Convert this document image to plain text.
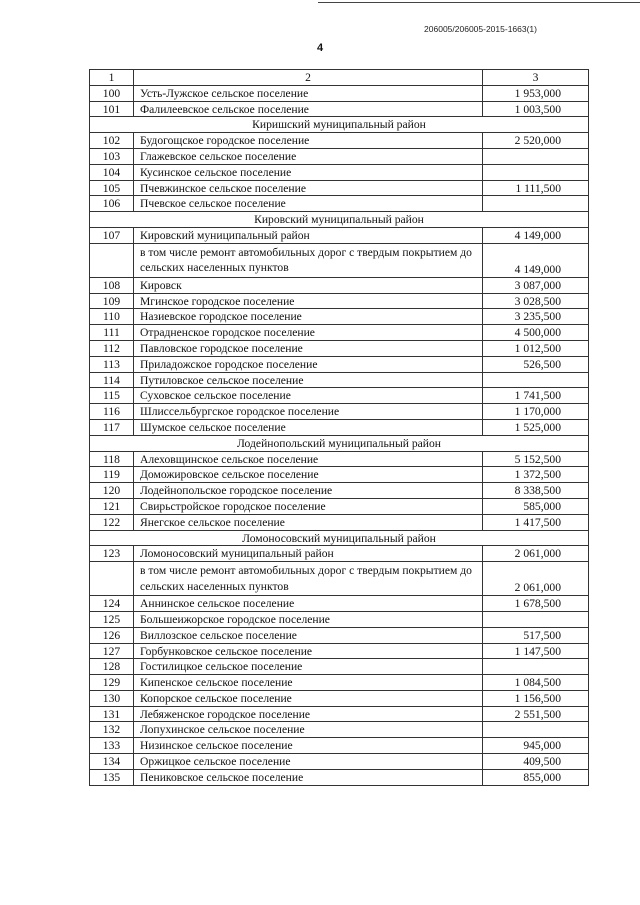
206005/206005-2015-1663(1)
4
1	2	3
100	Усть-Лужское сельское поселение	1 953,000
101	Фалилеевское сельское поселение	1 003,500
Киришский муниципальный район		
102	Будогощское городское поселение	2 520,000
103	Глажевское сельское поселение	
104	Кусинское сельское поселение	
105	Пчевжинское сельское поселение	1 111,500
106	Пчевское сельское поселение	
Кировский муниципальный район		
107	Кировский муниципальный район	4 149,000
	в том числе ремонт автомобильных дорог с твердым покрытием до сельских населенных пунктов	4 149,000
108	Кировск	3 087,000
109	Мгинское городское поселение	3 028,500
110	Назиевское городское поселение	3 235,500
111	Отрадненское городское поселение	4 500,000
112	Павловское городское поселение	1 012,500
113	Приладожское городское поселение	526,500
114	Путиловское сельское поселение	
115	Суховское сельское поселение	1 741,500
116	Шлиссельбургское городское поселение	1 170,000
117	Шумское сельское поселение	1 525,000
Лодейнопольский муниципальный район		
118	Алеховщинское сельское поселение	5 152,500
119	Доможировское сельское поселение	1 372,500
120	Лодейнопольское городское поселение	8 338,500
121	Свирьстройское городское поселение	585,000
122	Янегское сельское поселение	1 417,500
Ломоносовский муниципальный район		
123	Ломоносовский муниципальный район	2 061,000
	в том числе ремонт автомобильных дорог с твердым покрытием до сельских населенных пунктов	2 061,000
124	Аннинское сельское поселение	1 678,500
125	Большеижорское городское поселение	
126	Виллозское сельское поселение	517,500
127	Горбунковское сельское поселение	1 147,500
128	Гостилицкое сельское поселение	
129	Кипенское сельское поселение	1 084,500
130	Копорское сельское поселение	1 156,500
131	Лебяженское городское поселение	2 551,500
132	Лопухинское сельское поселение	
133	Низинское сельское поселение	945,000
134	Оржицкое сельское поселение	409,500
135	Пениковское сельское поселение	855,000
